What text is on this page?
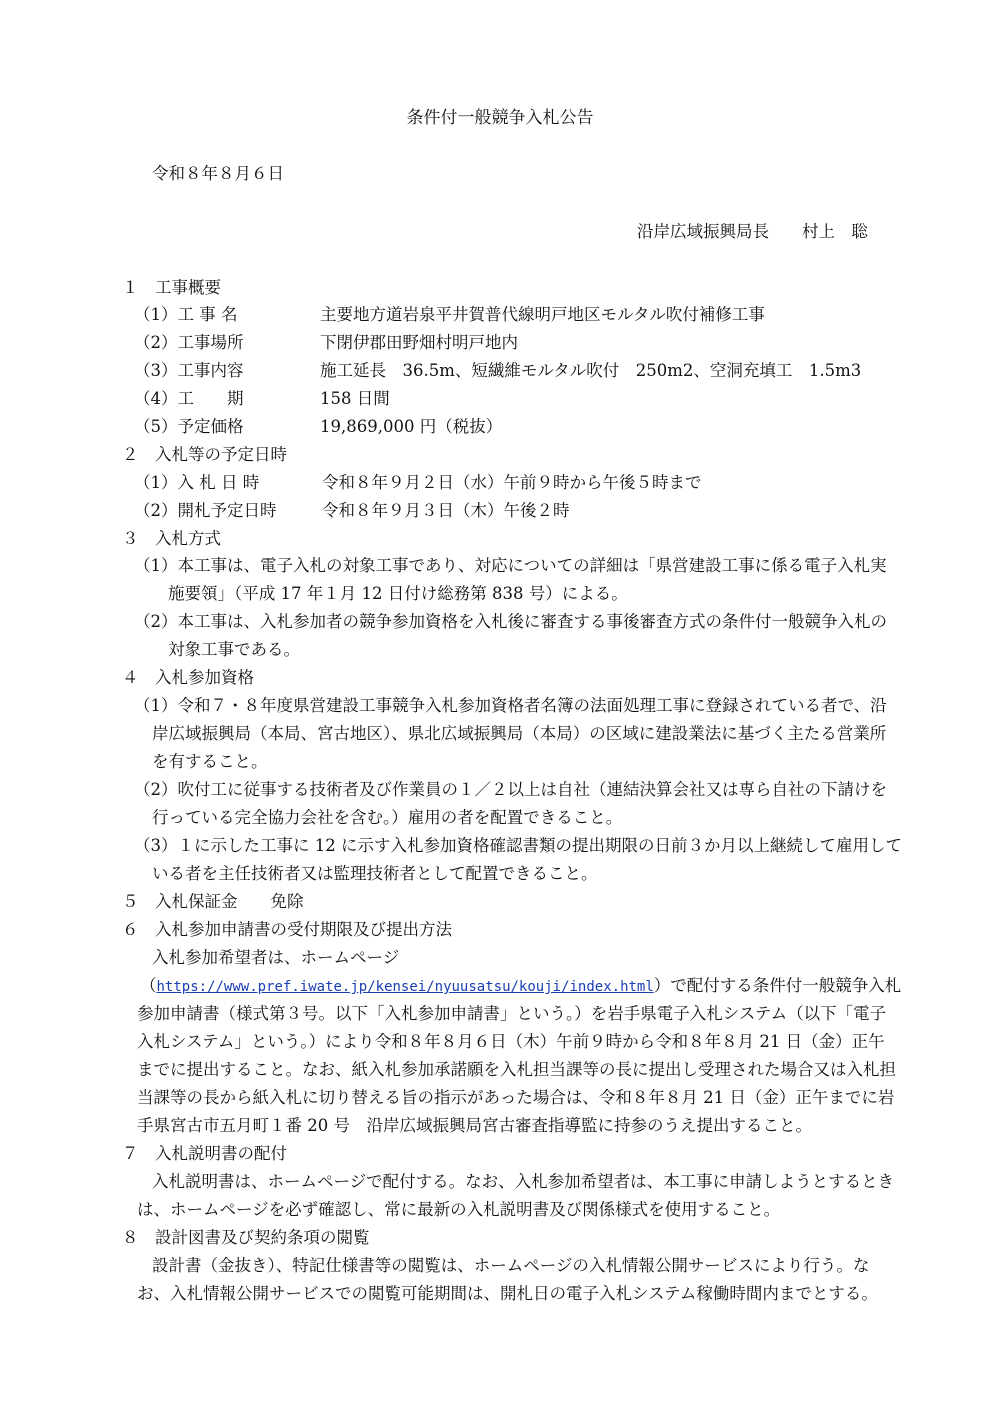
条件付一般競争入札公告
令和８年８月６日
沿岸広域振興局長　　村上　聡
１　工事概要
（1）工 事 名	主要地方道岩泉平井賀普代線明戸地区モルタル吹付補修工事
（2）工事場所	下閉伊郡田野畑村明戸地内
（3）工事内容	施工延長　36.5m、短繊維モルタル吹付　250m2、空洞充填工　1.5m3
（4）工　　期	158 日間
（5）予定価格	19,869,000 円（税抜）
２　入札等の予定日時
（1）入 札 日 時	令和８年９月２日（水）午前９時から午後５時まで
（2）開札予定日時	令和８年９月３日（木）午後２時
３　入札方式
（1）本工事は、電子入札の対象工事であり、対応についての詳細は「県営建設工事に係る電子入札実
施要領」（平成 17 年１月 12 日付け総務第 838 号）による。
（2）本工事は、入札参加者の競争参加資格を入札後に審査する事後審査方式の条件付一般競争入札の
対象工事である。
４　入札参加資格
（1）令和７・８年度県営建設工事競争入札参加資格者名簿の法面処理工事に登録されている者で、沿
岸広域振興局（本局、宮古地区）、県北広域振興局（本局）の区域に建設業法に基づく主たる営業所
を有すること。
（2）吹付工に従事する技術者及び作業員の１／２以上は自社（連結決算会社又は専ら自社の下請けを
行っている完全協力会社を含む。）雇用の者を配置できること。
（3）１に示した工事に 12 に示す入札参加資格確認書類の提出期限の日前３か月以上継続して雇用して
いる者を主任技術者又は監理技術者として配置できること。
５　入札保証金　　免除
６　入札参加申請書の受付期限及び提出方法
入札参加希望者は、ホームページ
（https://www.pref.iwate.jp/kensei/nyuusatsu/kouji/index.html）で配付する条件付一般競争入札
参加申請書（様式第３号。以下「入札参加申請書」という。）を岩手県電子入札システム（以下「電子
入札システム」という。）により令和８年８月６日（木）午前９時から令和８年８月 21 日（金）正午
までに提出すること。なお、紙入札参加承諾願を入札担当課等の長に提出し受理された場合又は入札担
当課等の長から紙入札に切り替える旨の指示があった場合は、令和８年８月 21 日（金）正午までに岩
手県宮古市五月町１番 20 号　沿岸広域振興局宮古審査指導監に持参のうえ提出すること。
７　入札説明書の配付
入札説明書は、ホームページで配付する。なお、入札参加希望者は、本工事に申請しようとするとき
は、ホームページを必ず確認し、常に最新の入札説明書及び関係様式を使用すること。
８　設計図書及び契約条項の閲覧
設計書（金抜き）、特記仕様書等の閲覧は、ホームページの入札情報公開サービスにより行う。な
お、入札情報公開サービスでの閲覧可能期間は、開札日の電子入札システム稼働時間内までとする。
